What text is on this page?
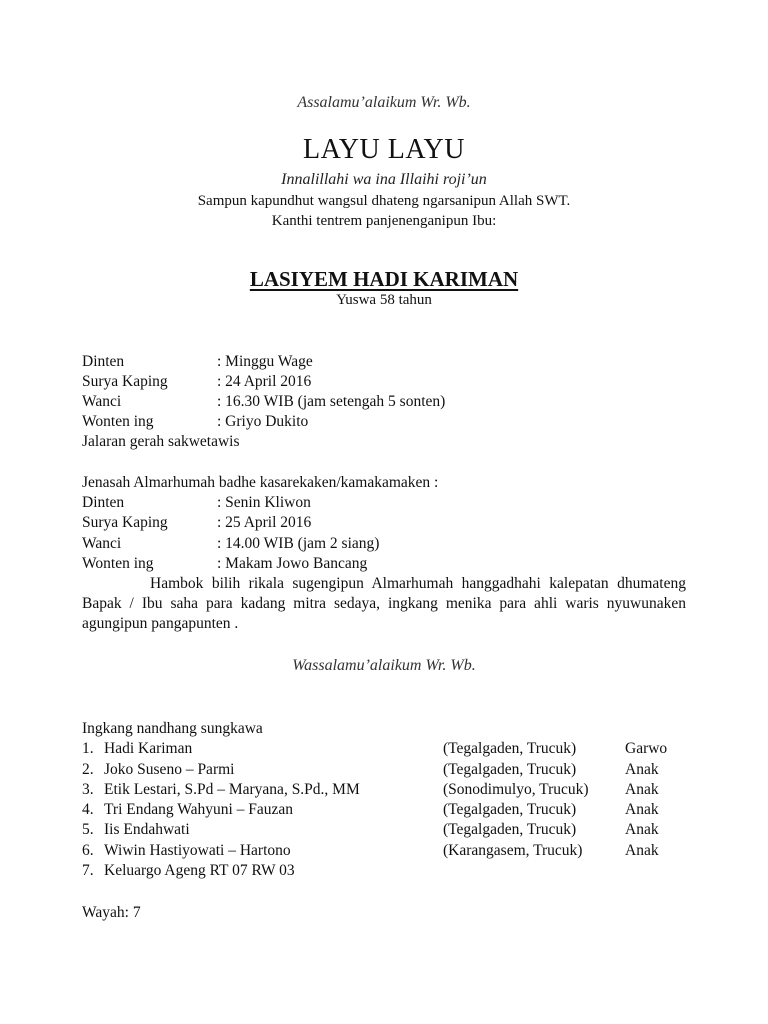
Assalamu’alaikum Wr. Wb.
LAYU LAYU
Innalillahi wa ina Illaihi roji’un
Sampun kapundhut wangsul dhateng ngarsanipun Allah SWT.
Kanthi tentrem panjenenganipun Ibu:
LASIYEM HADI KARIMAN
Yuswa 58 tahun
Dinten	: Minggu Wage
Surya Kaping	: 24 April 2016
Wanci	: 16.30 WIB (jam setengah 5 sonten)
Wonten ing	: Griyo Dukito
Jalaran gerah sakwetawis
Jenasah Almarhumah badhe kasarekaken/kamakamaken :
Dinten	: Senin Kliwon
Surya Kaping	: 25 April 2016
Wanci	: 14.00 WIB (jam 2 siang)
Wonten ing	: Makam Jowo Bancang
Hambok bilih rikala sugengipun Almarhumah hanggadhahi kalepatan dhumateng Bapak / Ibu saha para kadang mitra sedaya, ingkang menika para ahli waris nyuwunaken agungipun pangapunten .
Wassalamu’alaikum Wr. Wb.
Ingkang nandhang sungkawa
1. Hadi Kariman	(Tegalgaden, Trucuk)	Garwo
2. Joko Suseno – Parmi	(Tegalgaden, Trucuk)	Anak
3. Etik Lestari, S.Pd – Maryana, S.Pd., MM	(Sonodimulyo, Trucuk) Anak
4. Tri Endang Wahyuni – Fauzan	(Tegalgaden, Trucuk)	Anak
5. Iis Endahwati	(Tegalgaden, Trucuk)	Anak
6. Wiwin Hastiyowati – Hartono	(Karangasem, Trucuk)	Anak
7. Keluargo Ageng RT 07 RW 03
Wayah: 7
